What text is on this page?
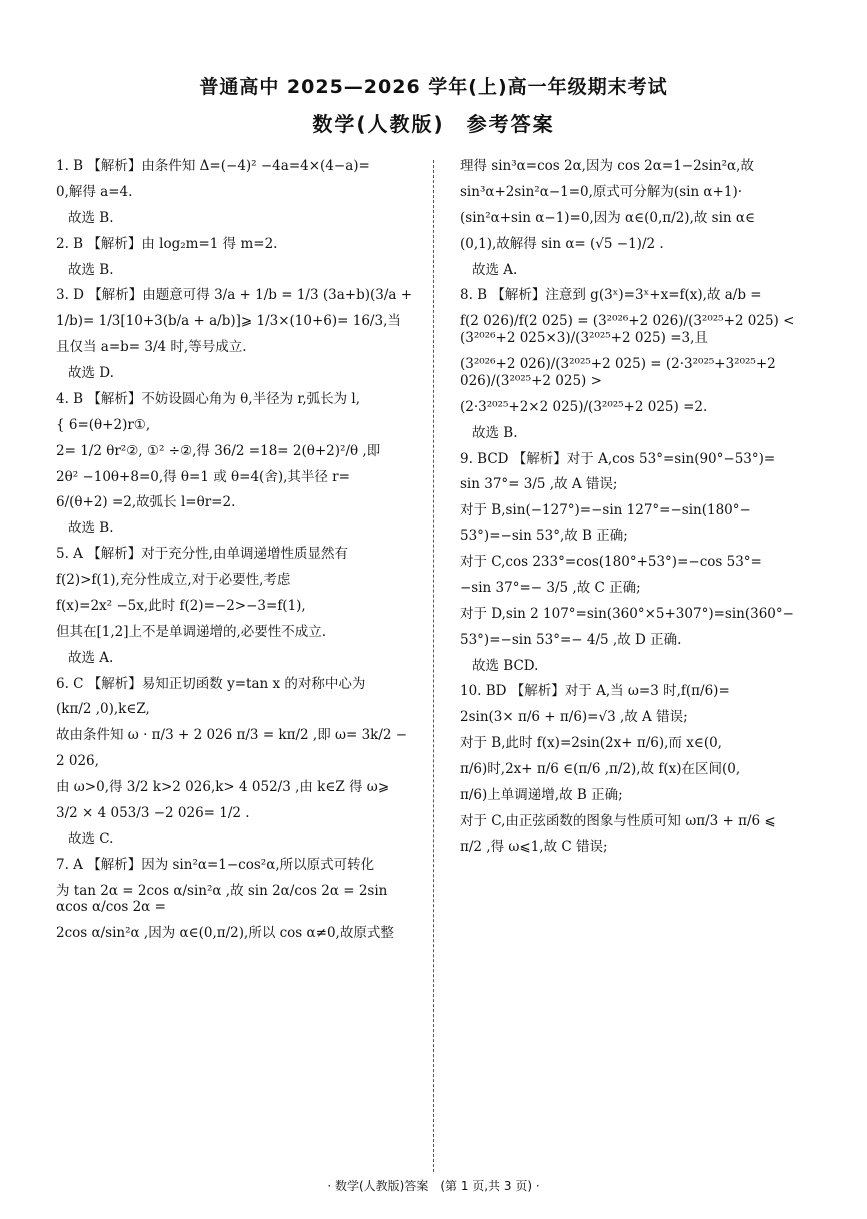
普通高中 2025—2026 学年(上)高一年级期末考试
数学(人教版)　参考答案
1. B 【解析】由条件知 Δ=(−4)² −4a=4×(4−a)=
0,解得 a=4.
故选 B.
2. B 【解析】由 log₂m=1 得 m=2.
故选 B.
3. D 【解析】由题意可得 3/a + 1/b = 1/3 (3a+b)(3/a +
1/b)= 1/3[10+3(b/a + a/b)]⩾ 1/3×(10+6)= 16/3,当
且仅当 a=b= 3/4 时,等号成立.
故选 D.
4. B 【解析】不妨设圆心角为 θ,半径为 r,弧长为 l,
{ 6=(θ+2)r①,
2= 1/2 θr²②, ①² ÷②,得 36/2 =18= 2(θ+2)²/θ ,即
2θ² −10θ+8=0,得 θ=1 或 θ=4(舍),其半径 r=
6/(θ+2) =2,故弧长 l=θr=2.
故选 B.
5. A 【解析】对于充分性,由单调递增性质显然有
f(2)>f(1),充分性成立,对于必要性,考虑
f(x)=2x² −5x,此时 f(2)=−2>−3=f(1),
但其在[1,2]上不是单调递增的,必要性不成立.
故选 A.
6. C 【解析】易知正切函数 y=tan x 的对称中心为
(kπ/2 ,0),k∈Z,
故由条件知 ω · π/3 + 2 026 π/3 = kπ/2 ,即 ω= 3k/2 −
2 026,
由 ω>0,得 3/2 k>2 026,k> 4 052/3 ,由 k∈Z 得 ω⩾
3/2 × 4 053/3 −2 026= 1/2 .
故选 C.
7. A 【解析】因为 sin²α=1−cos²α,所以原式可转化
为 tan 2α = 2cos α/sin²α ,故 sin 2α/cos 2α = 2sin αcos α/cos 2α =
2cos α/sin²α ,因为 α∈(0,π/2),所以 cos α≠0,故原式整
理得 sin³α=cos 2α,因为 cos 2α=1−2sin²α,故
sin³α+2sin²α−1=0,原式可分解为(sin α+1)·
(sin²α+sin α−1)=0,因为 α∈(0,π/2),故 sin α∈
(0,1),故解得 sin α= (√5 −1)/2 .
故选 A.
8. B 【解析】注意到 g(3ˣ)=3ˣ+x=f(x),故 a/b =
f(2 026)/f(2 025) = (3²⁰²⁶+2 026)/(3²⁰²⁵+2 025) < (3²⁰²⁶+2 025×3)/(3²⁰²⁵+2 025) =3,且
(3²⁰²⁶+2 026)/(3²⁰²⁵+2 025) = (2·3²⁰²⁵+3²⁰²⁵+2 026)/(3²⁰²⁵+2 025) >
(2·3²⁰²⁵+2×2 025)/(3²⁰²⁵+2 025) =2.
故选 B.
9. BCD 【解析】对于 A,cos 53°=sin(90°−53°)=
sin 37°= 3/5 ,故 A 错误;
对于 B,sin(−127°)=−sin 127°=−sin(180°−
53°)=−sin 53°,故 B 正确;
对于 C,cos 233°=cos(180°+53°)=−cos 53°=
−sin 37°=− 3/5 ,故 C 正确;
对于 D,sin 2 107°=sin(360°×5+307°)=sin(360°−
53°)=−sin 53°=− 4/5 ,故 D 正确.
故选 BCD.
10. BD 【解析】对于 A,当 ω=3 时,f(π/6)=
2sin(3× π/6 + π/6)=√3 ,故 A 错误;
对于 B,此时 f(x)=2sin(2x+ π/6),而 x∈(0,
π/6)时,2x+ π/6 ∈(π/6 ,π/2),故 f(x)在区间(0,
π/6)上单调递增,故 B 正确;
对于 C,由正弦函数的图象与性质可知 ωπ/3 + π/6 ⩽
π/2 ,得 ω⩽1,故 C 错误;
· 数学(人教版)答案　(第 1 页,共 3 页) ·
